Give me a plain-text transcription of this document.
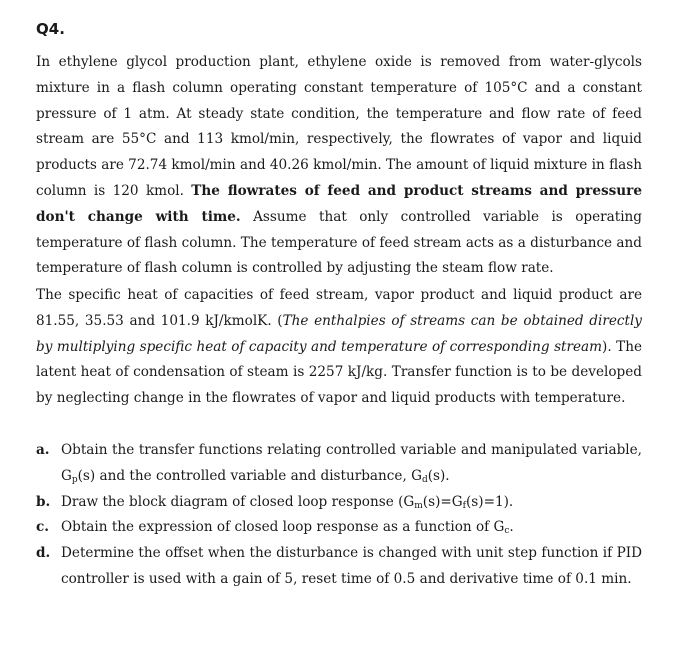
Q4.
In ethylene glycol production plant, ethylene oxide is removed from water-glycols mixture in a flash column operating constant temperature of 105°C and a constant pressure of 1 atm. At steady state condition, the temperature and flow rate of feed stream are 55°C and 113 kmol/min, respectively, the flowrates of vapor and liquid products are 72.74 kmol/min and 40.26 kmol/min. The amount of liquid mixture in flash column is 120 kmol. The flowrates of feed and product streams and pressure don't change with time. Assume that only controlled variable is operating temperature of flash column. The temperature of feed stream acts as a disturbance and temperature of flash column is controlled by adjusting the steam flow rate.
The specific heat of capacities of feed stream, vapor product and liquid product are 81.55, 35.53 and 101.9 kJ/kmolK. (The enthalpies of streams can be obtained directly by multiplying specific heat of capacity and temperature of corresponding stream). The latent heat of condensation of steam is 2257 kJ/kg. Transfer function is to be developed by neglecting change in the flowrates of vapor and liquid products with temperature.
a. Obtain the transfer functions relating controlled variable and manipulated variable, $G_p(s)$ and the controlled variable and disturbance, $G_d(s)$.
b. Draw the block diagram of closed loop response $(G_m(s)=G_f(s)=1)$.
c. Obtain the expression of closed loop response as a function of $G_c$.
d. Determine the offset when the disturbance is changed with unit step function if PID controller is used with a gain of 5, reset time of 0.5 and derivative time of 0.1 min.
